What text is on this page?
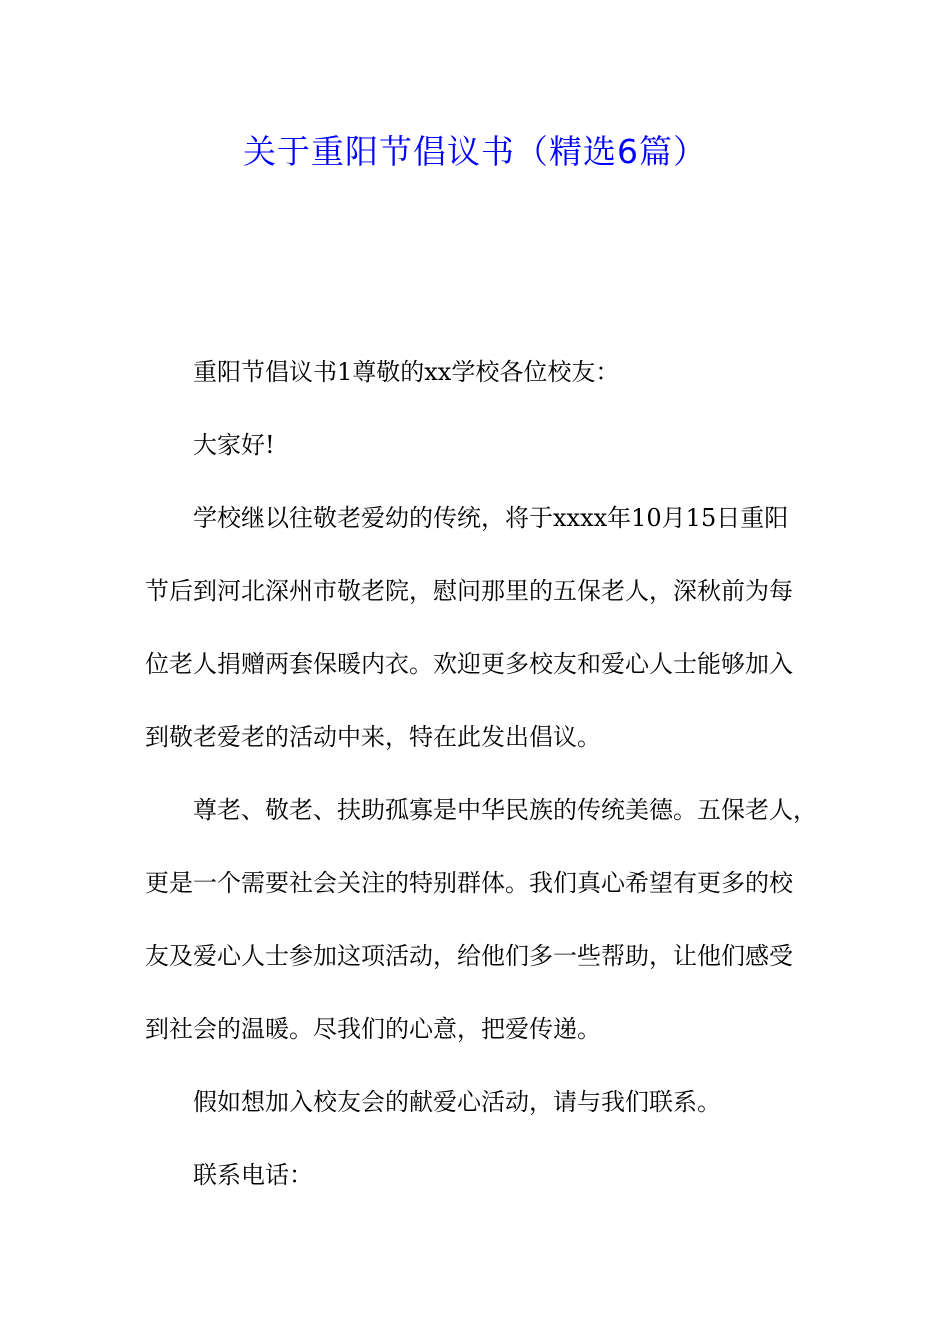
关于重阳节倡议书（精选6篇）
重阳节倡议书1尊敬的xx学校各位校友：
大家好!
学校继以往敬老爱幼的传统，将于xxxx年10月15日重阳
节后到河北深州市敬老院，慰问那里的五保老人，深秋前为每
位老人捐赠两套保暖内衣。欢迎更多校友和爱心人士能够加入
到敬老爱老的活动中来，特在此发出倡议。
尊老、敬老、扶助孤寡是中华民族的传统美德。五保老人，
更是一个需要社会关注的特别群体。我们真心希望有更多的校
友及爱心人士参加这项活动，给他们多一些帮助，让他们感受
到社会的温暖。尽我们的心意，把爱传递。
假如想加入校友会的献爱心活动，请与我们联系。
联系电话：
